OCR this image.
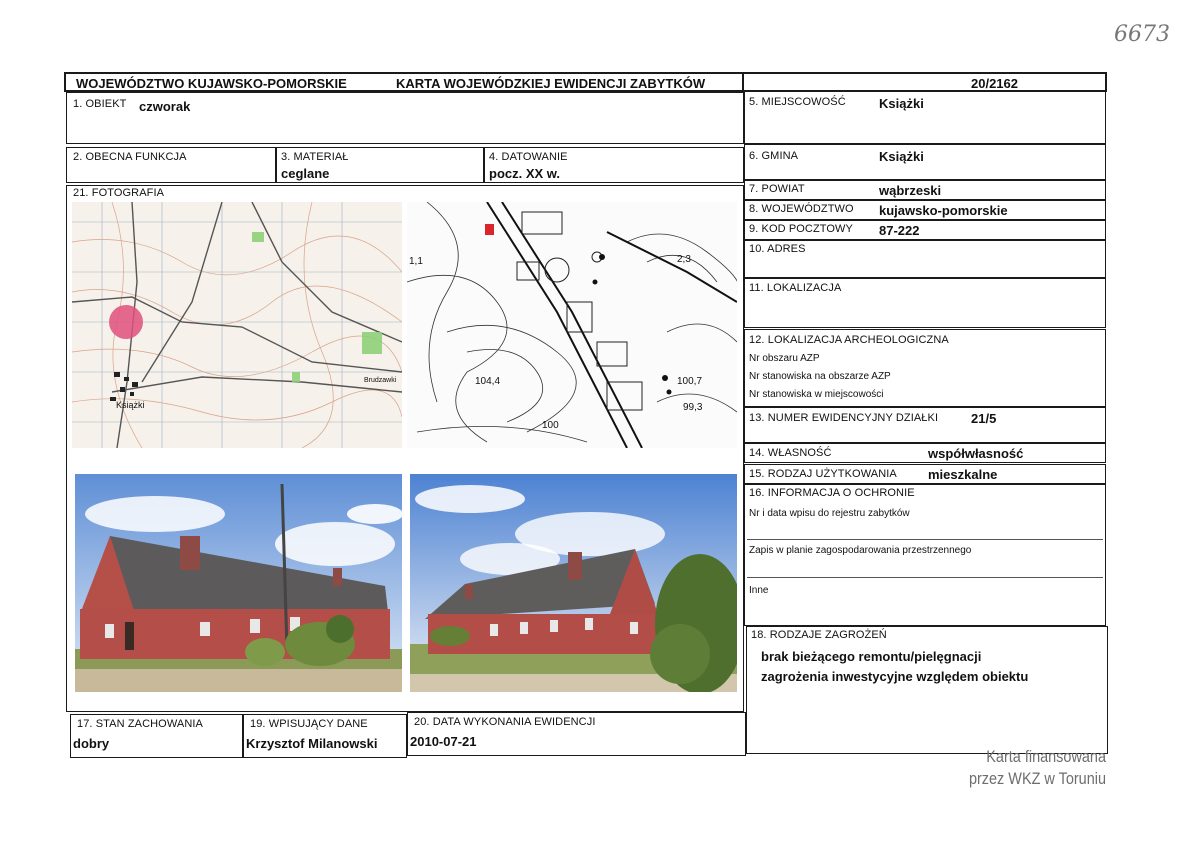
6673
WOJEWÓDZTWO KUJAWSKO-POMORSKIE	KARTA WOJEWÓDZKIEJ EWIDENCJI ZABYTKÓW	20/2162
1. OBIEKT czworak
2. OBECNA FUNKCJA	3. MATERIAŁ
ceglane
4. DATOWANIE
pocz. XX w.
21. FOTOGRAFIA
Książki
Brudzawki	100,7
99,3
104,4
2,3
1,1
100
17. STAN ZACHOWANIA
dobry
19. WPISUJĄCY DANE
Krzysztof Milanowski
20. DATA WYKONANIA EWIDENCJI
2010-07-21
5. MIEJSCOWOŚĆ	Książki
6. GMINA	Książki
7. POWIAT	wąbrzeski
8. WOJEWÓDZTWO kujawsko-pomorskie
9. KOD POCZTOWY 87-222
10. ADRES
11. LOKALIZACJA
12. LOKALIZACJA ARCHEOLOGICZNA
Nr obszaru AZP
Nr stanowiska na obszarze AZP
Nr stanowiska w miejscowości
13. NUMER EWIDENCYJNY DZIAŁKI	21/5
14. WŁASNOŚĆ	współwłasność
15. RODZAJ UŻYTKOWANIA mieszkalne
16. INFORMACJA O OCHRONIE
Nr i data wpisu do rejestru zabytków
Zapis w planie zagospodarowania przestrzennego
Inne
18. RODZAJE ZAGROŻEŃ
brak bieżącego remontu/pielęgnacji
zagrożenia inwestycyjne względem obiektu
Karta finansowana
przez WKZ w Toruniu
